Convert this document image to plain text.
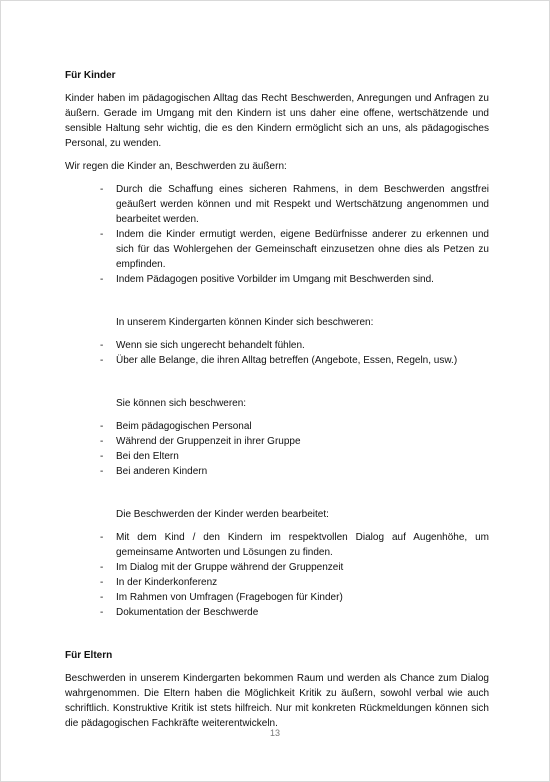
Für Kinder

Kinder haben im pädagogischen Alltag das Recht Beschwerden, Anregungen und Anfragen zu äußern. Gerade im Umgang mit den Kindern ist uns daher eine offene, wertschätzende und sensible Haltung sehr wichtig, die es den Kindern ermöglicht sich an uns, als pädagogisches Personal, zu wenden.

Wir regen die Kinder an, Beschwerden zu äußern:

- Durch die Schaffung eines sicheren Rahmens, in dem Beschwerden angstfrei geäußert werden können und mit Respekt und Wertschätzung angenommen und bearbeitet werden.
- Indem die Kinder ermutigt werden, eigene Bedürfnisse anderer zu erkennen und sich für das Wohlergehen der Gemeinschaft einzusetzen ohne dies als Petzen zu empfinden.
- Indem Pädagogen positive Vorbilder im Umgang mit Beschwerden sind.

In unserem Kindergarten können Kinder sich beschweren:

- Wenn sie sich ungerecht behandelt fühlen.
- Über alle Belange, die ihren Alltag betreffen (Angebote, Essen, Regeln, usw.)

Sie können sich beschweren:

- Beim pädagogischen Personal
- Während der Gruppenzeit in ihrer Gruppe
- Bei den Eltern
- Bei anderen Kindern

Die Beschwerden der Kinder werden bearbeitet:

- Mit dem Kind / den Kindern im respektvollen Dialog auf Augenhöhe, um gemeinsame Antworten und Lösungen zu finden.
- Im Dialog mit der Gruppe während der Gruppenzeit
- In der Kinderkonferenz
- Im Rahmen von Umfragen (Fragebogen für Kinder)
- Dokumentation der Beschwerde
Für Eltern

Beschwerden in unserem Kindergarten bekommen Raum und werden als Chance zum Dialog wahrgenommen. Die Eltern haben die Möglichkeit Kritik zu äußern, sowohl verbal wie auch schriftlich. Konstruktive Kritik ist stets hilfreich. Nur mit konkreten Rückmeldungen können sich die pädagogischen Fachkräfte weiterentwickeln.

13
